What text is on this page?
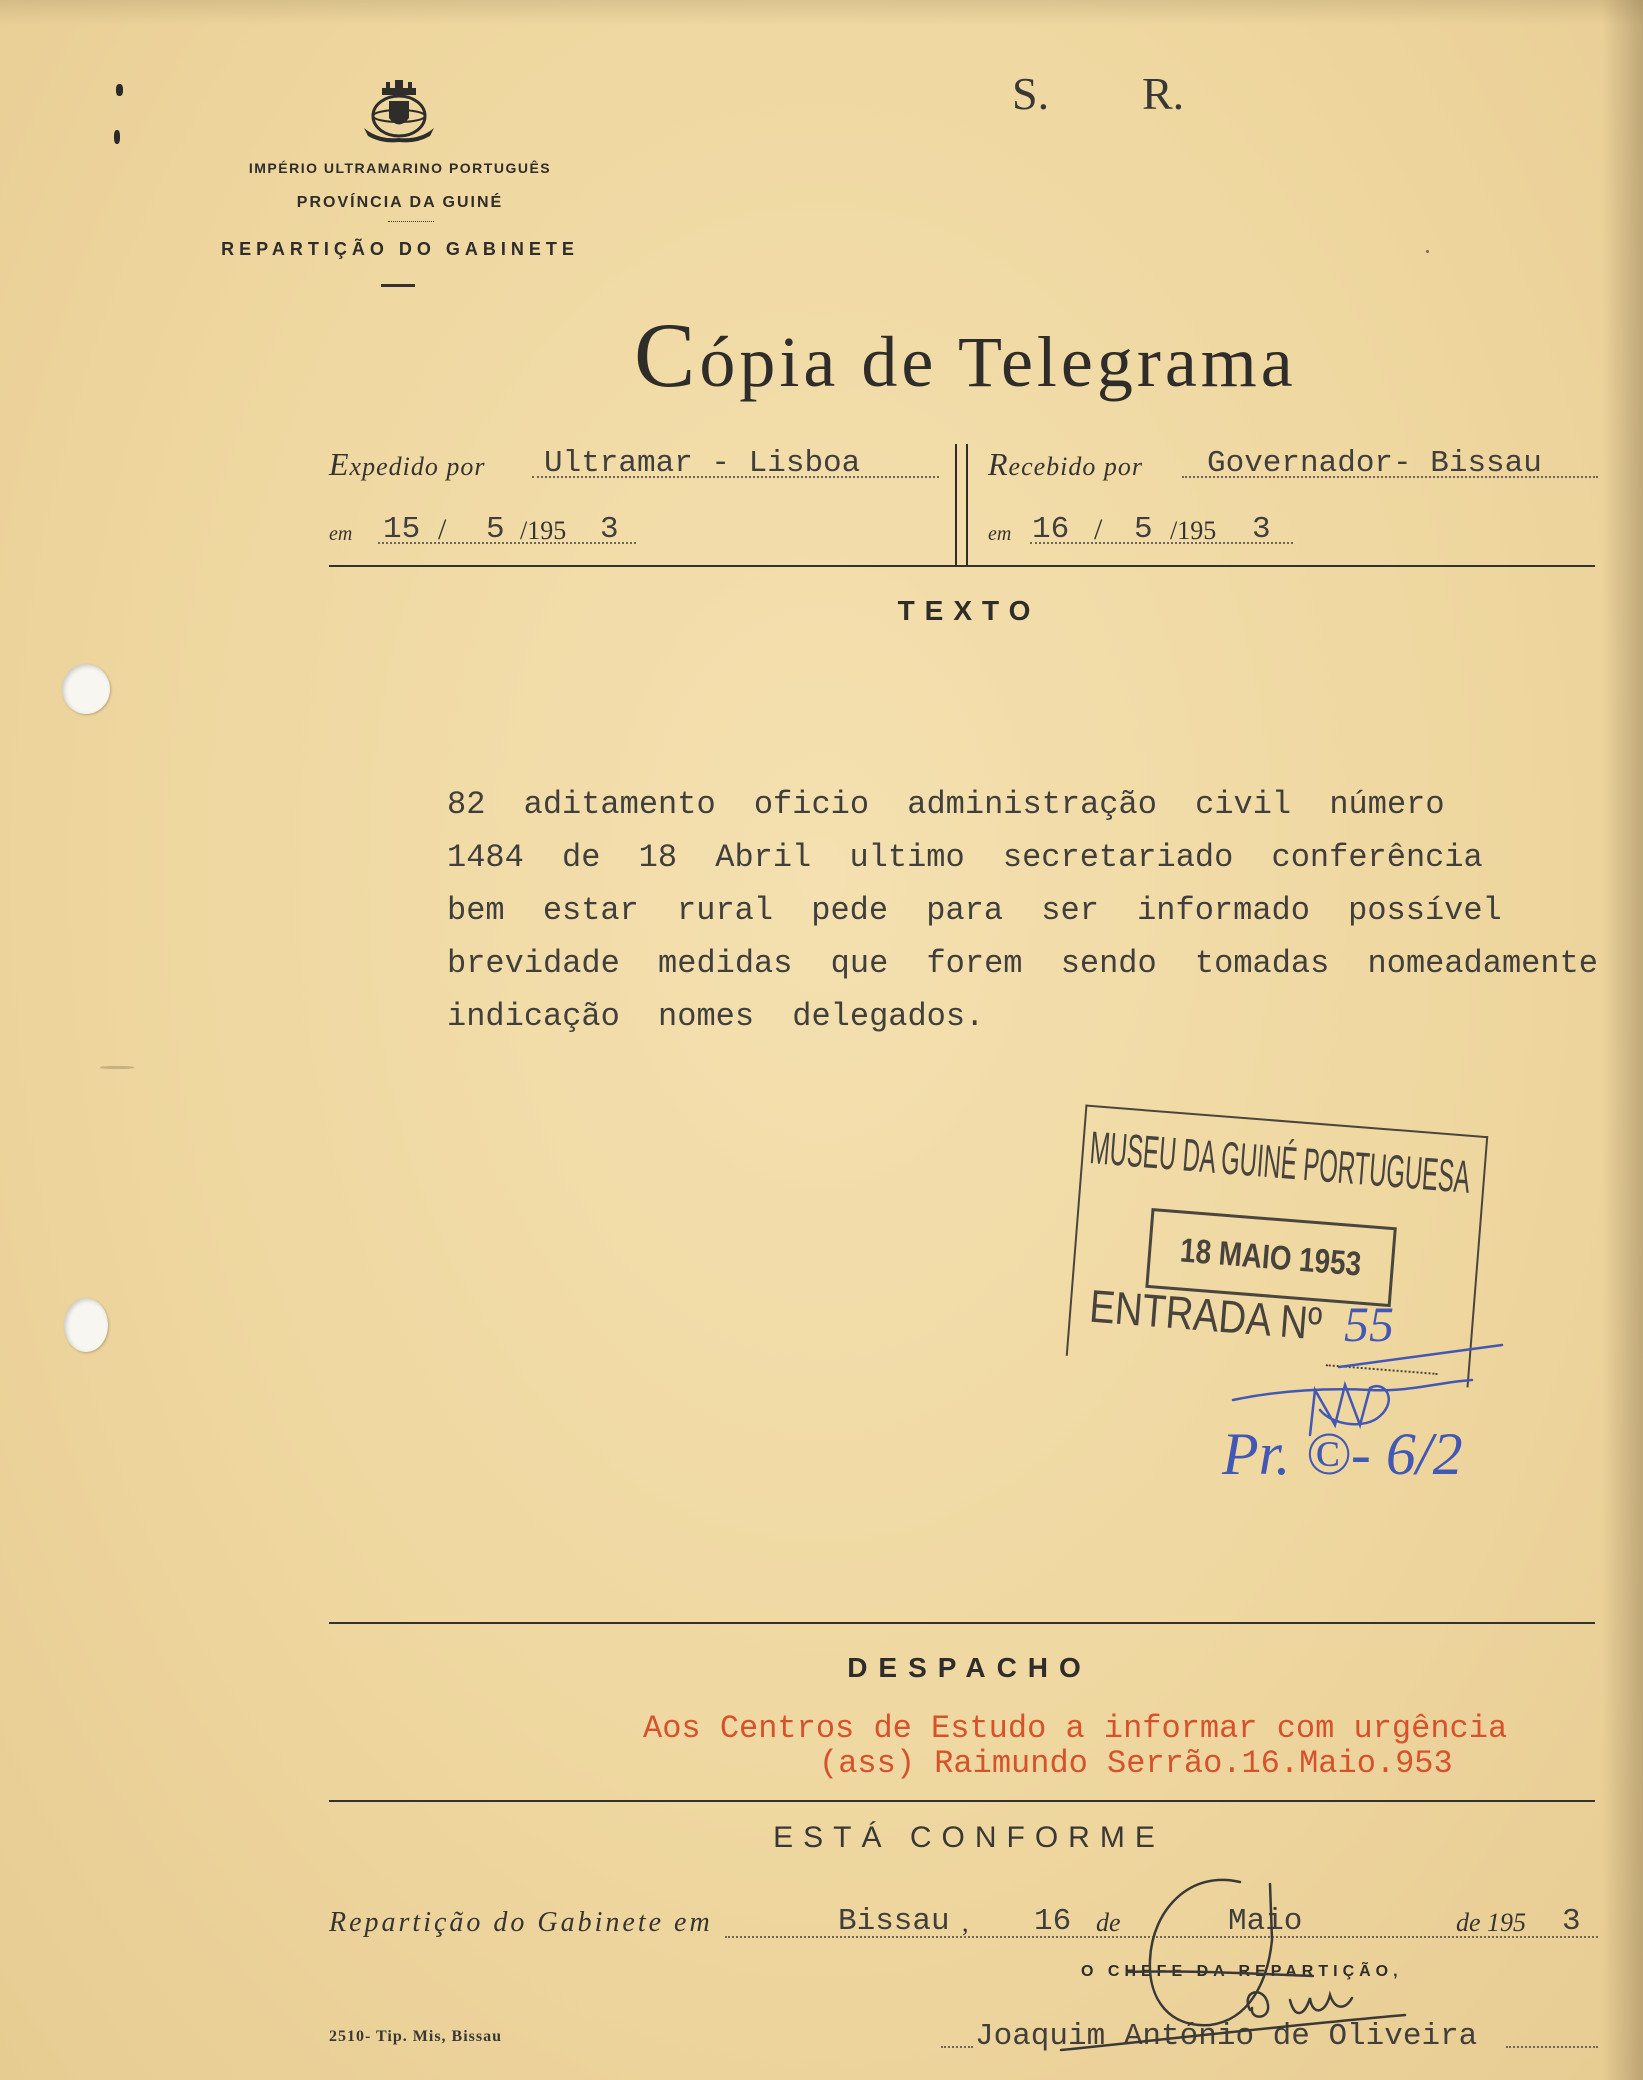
IMPÉRIO ULTRAMARINO PORTUGUÊS
PROVÍNCIA DA GUINÉ
REPARTIÇÃO DO GABINETE
S. R.
Cópia de Telegrama
Expedido por Ultramar - Lisboa	Recebido por Governador- Bissau
em 15 / 5 /195 3	em 16 / 5 /195 3
TEXTO
82 aditamento oficio administração civil número
1484 de 18 Abril ultimo secretariado conferência
bem estar rural pede para ser informado possível
brevidade medidas que forem sendo tomadas nomeadamente
indicação nomes delegados.
MUSEU DA GUINÉ PORTUGUESA
18 MAIO 1953
ENTRADA Nº 55
Pr. ©- 6/2
DESPACHO
Aos Centros de Estudo a informar com urgência
(ass) Raimundo Serrão.16.Maio.953
ESTÁ CONFORME
Repartição do Gabinete em	Bissau , 16 de	Maio	de 195 3
O CHEFE DA REPARTIÇÃO,
Joaquim António de Oliveira
2510- Tip. Mis, Bissau
